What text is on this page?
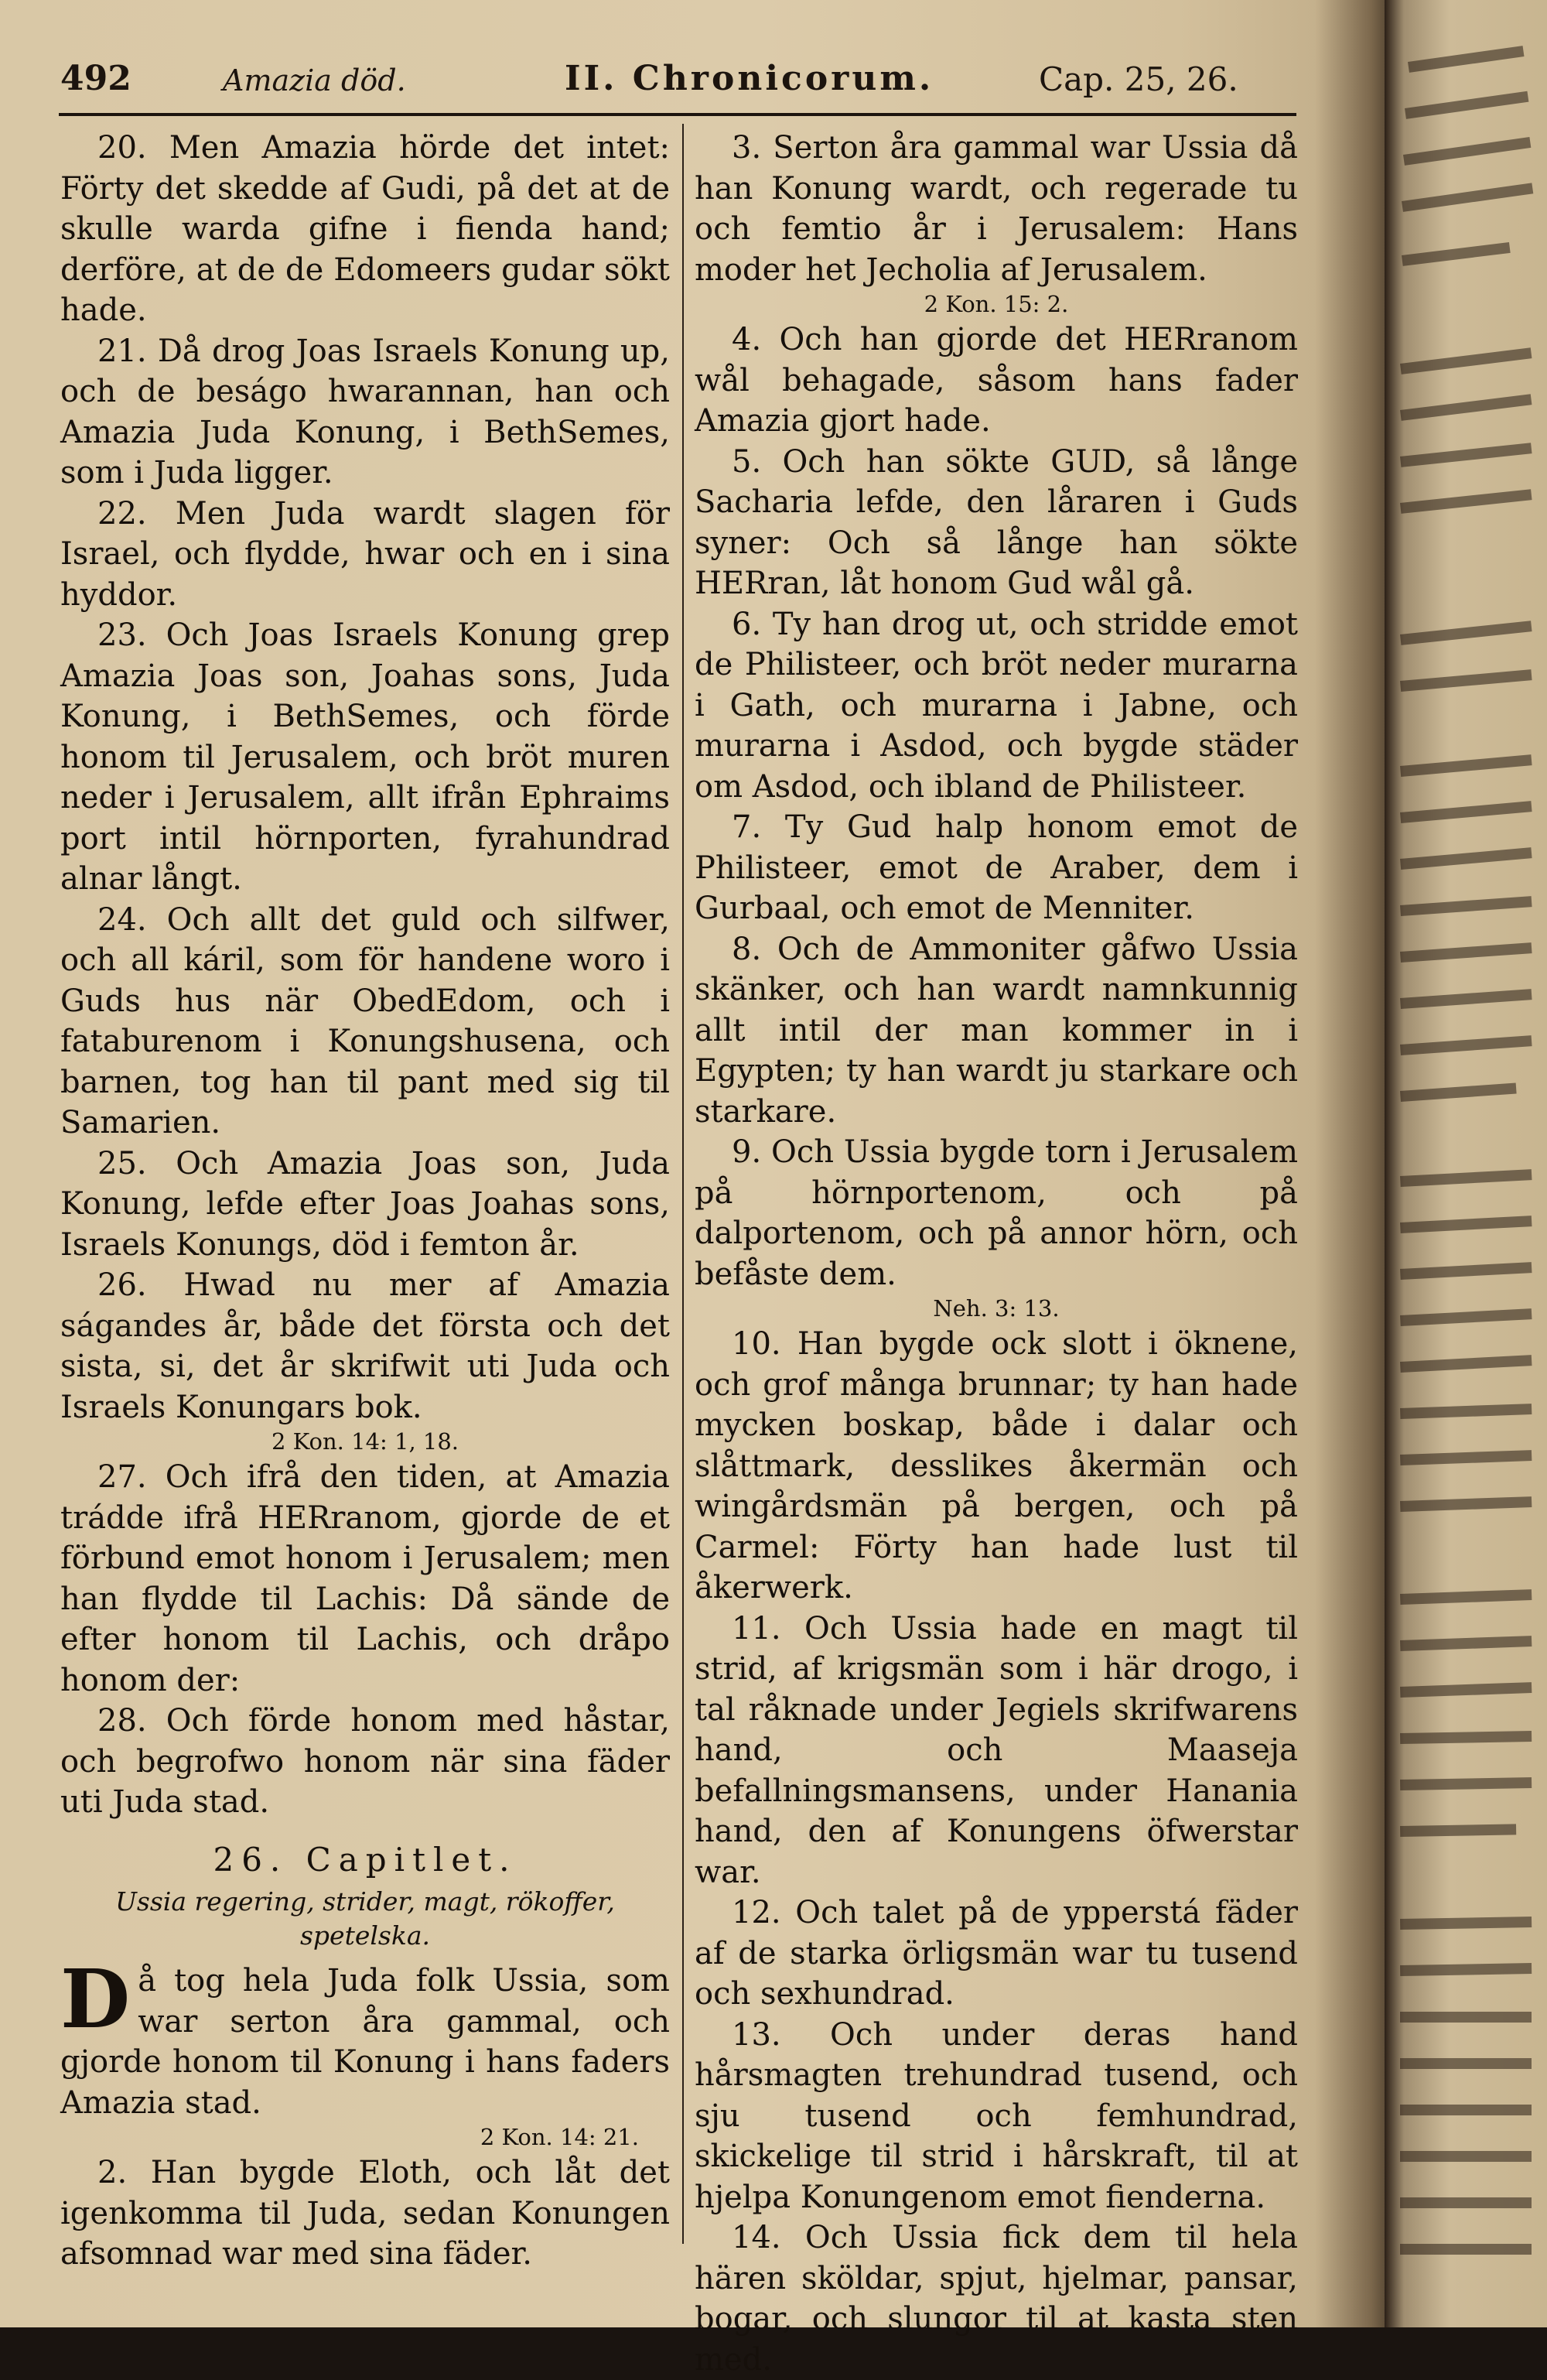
492	Amazia död.	II. Chronicorum.	Cap. 25, 26.

20. Men Amazia hörde det intet: Förty det skedde af Gudi, på det at de skulle warda gifne i fienda hand; derföre, at de de Edomeers gudar sökt hade.

21. Då drog Joas Israels Konung up, och de beságo hwarannan, han och Amazia Juda Konung, i BethSemes, som i Juda ligger.

22. Men Juda wardt slagen för Israel, och flydde, hwar och en i sina hyddor.

23. Och Joas Israels Konung grep Amazia Joas son, Joahas sons, Juda Konung, i BethSemes, och förde honom til Jerusalem, och bröt muren neder i Jerusalem, allt ifrån Ephraims port intil hörnporten, fyrahundrad alnar långt.

24. Och allt det guld och silfwer, och all káril, som för handene woro i Guds hus när ObedEdom, och i fataburenom i Konungshusena, och barnen, tog han til pant med sig til Samarien.

25. Och Amazia Joas son, Juda Konung, lefde efter Joas Joahas sons, Israels Konungs, död i femton år.

26. Hwad nu mer af Amazia ságandes år, både det första och det sista, si, det år skrifwit uti Juda och Israels Konungars bok.

2 Kon. 14: 1, 18.

27. Och ifrå den tiden, at Amazia trádde ifrå HERranom, gjorde de et förbund emot honom i Jerusalem; men han flydde til Lachis: Då sände de efter honom til Lachis, och dråpo honom der:

28. Och förde honom med håstar, och begrofwo honom när sina fäder uti Juda stad.

26. Capitlet.
Ussia regering, strider, magt, rökoffer, spetelska.

Då tog hela Juda folk Ussia, som war serton åra gammal, och gjorde honom til Konung i hans faders Amazia stad.

2 Kon. 14: 21.

2. Han bygde Eloth, och låt det igenkomma til Juda, sedan Konungen afsomnad war med sina fäder.

3. Serton åra gammal war Ussia då han Konung wardt, och regerade tu och femtio år i Jerusalem: Hans moder het Jecholia af Jerusalem.

2 Kon. 15: 2.

4. Och han gjorde det HERranom wål behagade, såsom hans fader Amazia gjort hade.

5. Och han sökte GUD, så långe Sacharia lefde, den låraren i Guds syner: Och så långe han sökte HERran, låt honom Gud wål gå.

6. Ty han drog ut, och stridde emot de Philisteer, och bröt neder murarna i Gath, och murarna i Jabne, och murarna i Asdod, och bygde städer om Asdod, och ibland de Philisteer.

7. Ty Gud halp honom emot de Philisteer, emot de Araber, dem i Gurbaal, och emot de Menniter.

8. Och de Ammoniter gåfwo Ussia skänker, och han wardt namnkunnig allt intil der man kommer in i Egypten; ty han wardt ju starkare och starkare.

9. Och Ussia bygde torn i Jerusalem på hörnportenom, och på dalportenom, och på annor hörn, och befåste dem.

Neh. 3: 13.

10. Han bygde ock slott i öknene, och grof många brunnar; ty han hade mycken boskap, både i dalar och slåttmark, desslikes åkermän och wingårdsmän på bergen, och på Carmel: Förty han hade lust til åkerwerk.

11. Och Ussia hade en magt til strid, af krigsmän som i här drogo, i tal råknade under Jegiels skrifwarens hand, och Maaseja befallningsmansens, under Hanania hand, den af Konungens öfwerstar war.

12. Och talet på de ypperstá fäder af de starka örligsmän war tu tusend och sexhundrad.

13. Och under deras hand hårsmagten trehundrad tusend, och sju tusend och femhundrad, skickelige til strid i hårskraft, til at hjelpa Konungenom emot fienderna.

14. Och Ussia fick dem til hela hären sköldar, spjut, hjelmar, pansar, bogar, och slungor til at kasta sten med.
